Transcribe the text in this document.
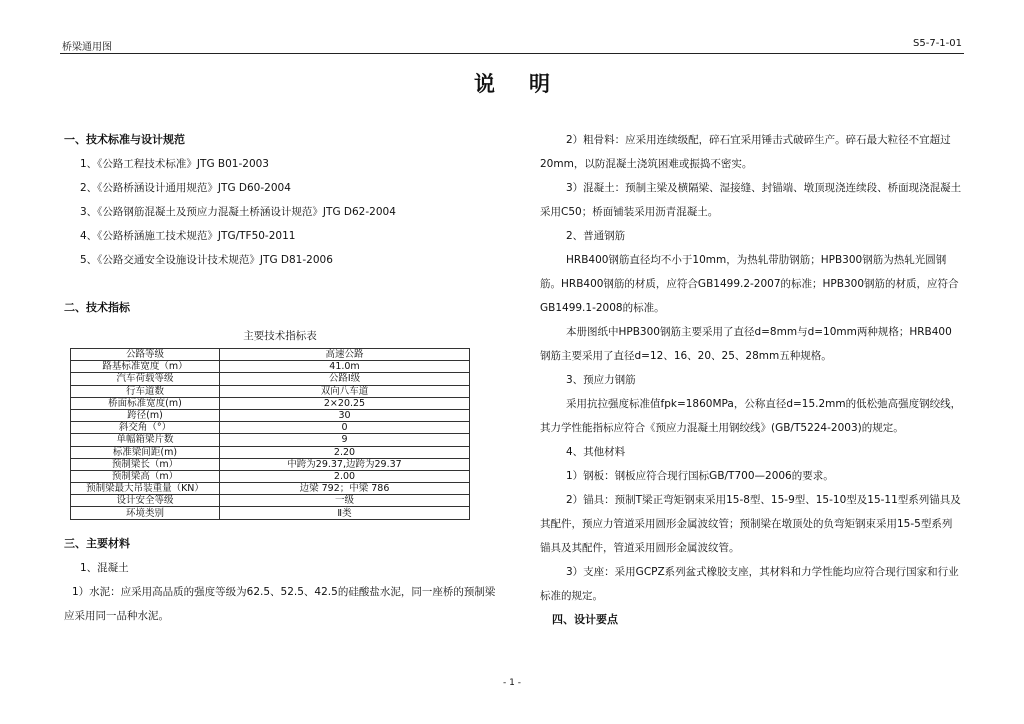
桥梁通用图	S5-7-1-01
说明

一、技术标准与设计规范

1、《公路工程技术标准》JTG B01-2003

2、《公路桥涵设计通用规范》JTG D60-2004

3、《公路钢筋混凝土及预应力混凝土桥涵设计规范》JTG D62-2004

4、《公路桥涵施工技术规范》JTG/TF50-2011

5、《公路交通安全设施设计技术规范》JTG D81-2006

二、技术指标

主要技术指标表
公路等级	高速公路
路基标准宽度（m）	41.0m
汽车荷载等级	公路Ⅰ级
行车道数	双向八车道
桥面标准宽度(m)	2×20.25
跨径(m)	30
斜交角（°）	0
单幅箱梁片数	9
标准梁间距(m)	2.20
预制梁长（m）	中跨为29.37,边跨为29.37
预制梁高（m）	2.00
预制梁最大吊装重量（KN）	边梁 792；中梁 786
设计安全等级	一级
环境类别	Ⅱ类

三、主要材料

1、混凝土

1）水泥：应采用高品质的强度等级为62.5、52.5、42.5的硅酸盐水泥，同一座桥的预制梁应采用同一品种水泥。

2）粗骨料：应采用连续级配，碎石宜采用锤击式破碎生产。碎石最大粒径不宜超过20mm，以防混凝土浇筑困难或振捣不密实。

3）混凝土：预制主梁及横隔梁、湿接缝、封锚端、墩顶现浇连续段、桥面现浇混凝土采用C50；桥面铺装采用沥青混凝土。

2、普通钢筋

HRB400钢筋直径均不小于10mm，为热轧带肋钢筋；HPB300钢筋为热轧光圆钢筋。HRB400钢筋的材质，应符合GB1499.2-2007的标准；HPB300钢筋的材质，应符合GB1499.1-2008的标准。

本册图纸中HPB300钢筋主要采用了直径d=8mm与d=10mm两种规格；HRB400钢筋主要采用了直径d=12、16、20、25、28mm五种规格。

3、预应力钢筋

采用抗拉强度标准值fpk=1860MPa，公称直径d=15.2mm的低松弛高强度钢绞线，其力学性能指标应符合《预应力混凝土用钢绞线》(GB/T5224-2003)的规定。

4、其他材料

1）钢板：钢板应符合现行国标GB/T700—2006的要求。

2）锚具：预制T梁正弯矩钢束采用15-8型、15-9型、15-10型及15-11型系列锚具及其配件，预应力管道采用圆形金属波纹管；预制梁在墩顶处的负弯矩钢束采用15-5型系列锚具及其配件，管道采用圆形金属波纹管。

3）支座：采用GCPZ系列盆式橡胶支座，其材料和力学性能均应符合现行国家和行业标准的规定。

四、设计要点

- 1 -
